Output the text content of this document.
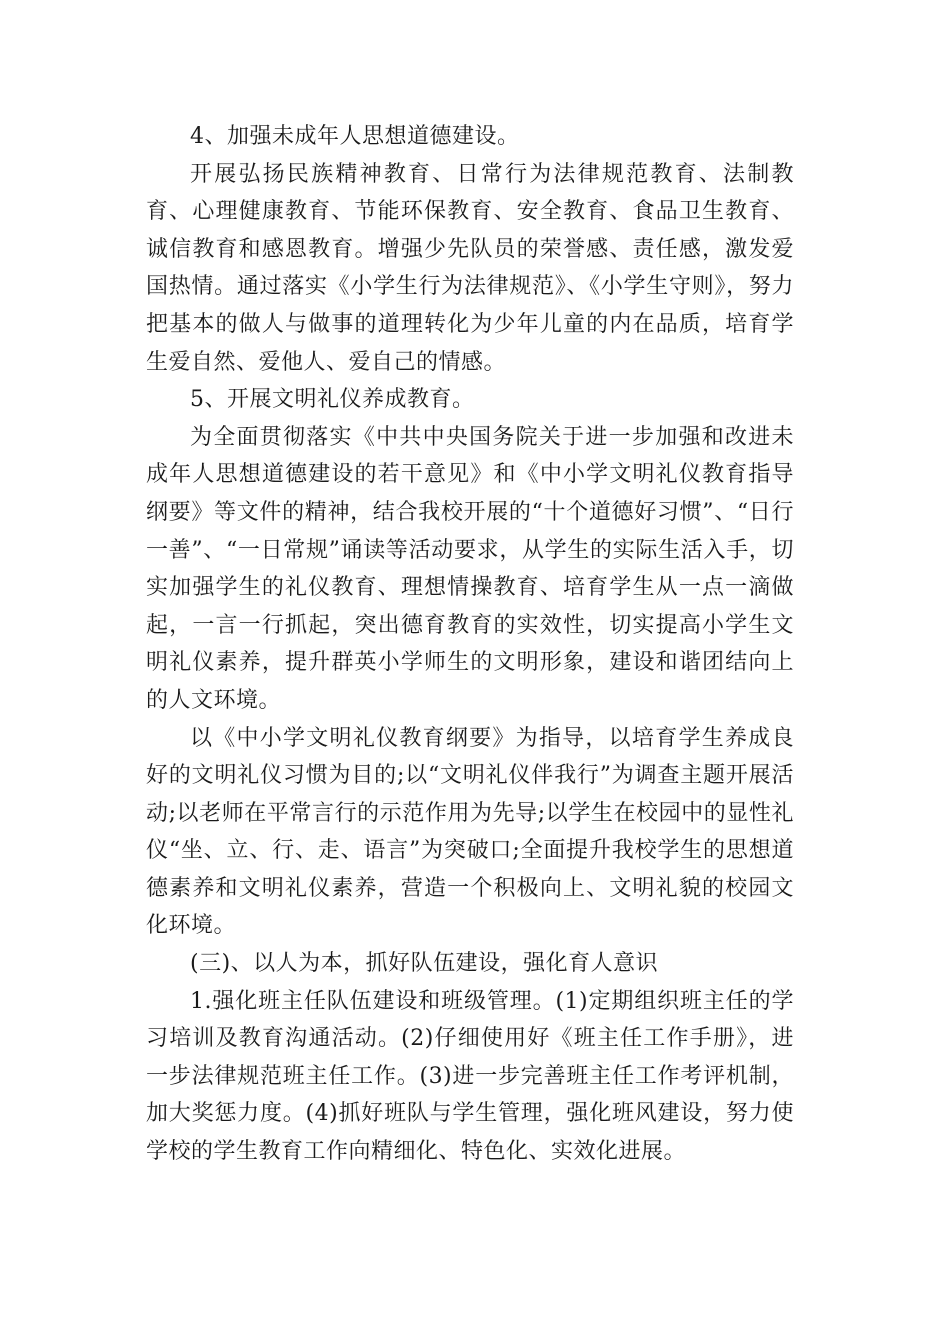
4、加强未成年人思想道德建设。

开展弘扬民族精神教育、日常行为法律规范教育、法制教育、心理健康教育、节能环保教育、安全教育、食品卫生教育、诚信教育和感恩教育。增强少先队员的荣誉感、责任感，激发爱国热情。通过落实《小学生行为法律规范》、《小学生守则》，努力把基本的做人与做事的道理转化为少年儿童的内在品质，培育学生爱自然、爱他人、爱自己的情感。

5、开展文明礼仪养成教育。

为全面贯彻落实《中共中央国务院关于进一步加强和改进未成年人思想道德建设的若干意见》和《中小学文明礼仪教育指导纲要》等文件的精神，结合我校开展的“十个道德好习惯”、“日行一善”、“一日常规”诵读等活动要求，从学生的实际生活入手，切实加强学生的礼仪教育、理想情操教育、培育学生从一点一滴做起，一言一行抓起，突出德育教育的实效性，切实提高小学生文明礼仪素养，提升群英小学师生的文明形象，建设和谐团结向上的人文环境。

以《中小学文明礼仪教育纲要》为指导，以培育学生养成良好的文明礼仪习惯为目的;以“文明礼仪伴我行”为调查主题开展活动;以老师在平常言行的示范作用为先导;以学生在校园中的显性礼仪“坐、立、行、走、语言”为突破口;全面提升我校学生的思想道德素养和文明礼仪素养，营造一个积极向上、文明礼貌的校园文化环境。

(三)、以人为本，抓好队伍建设，强化育人意识

1.强化班主任队伍建设和班级管理。(1)定期组织班主任的学习培训及教育沟通活动。(2)仔细使用好《班主任工作手册》，进一步法律规范班主任工作。(3)进一步完善班主任工作考评机制，加大奖惩力度。(4)抓好班队与学生管理，强化班风建设，努力使学校的学生教育工作向精细化、特色化、实效化进展。
